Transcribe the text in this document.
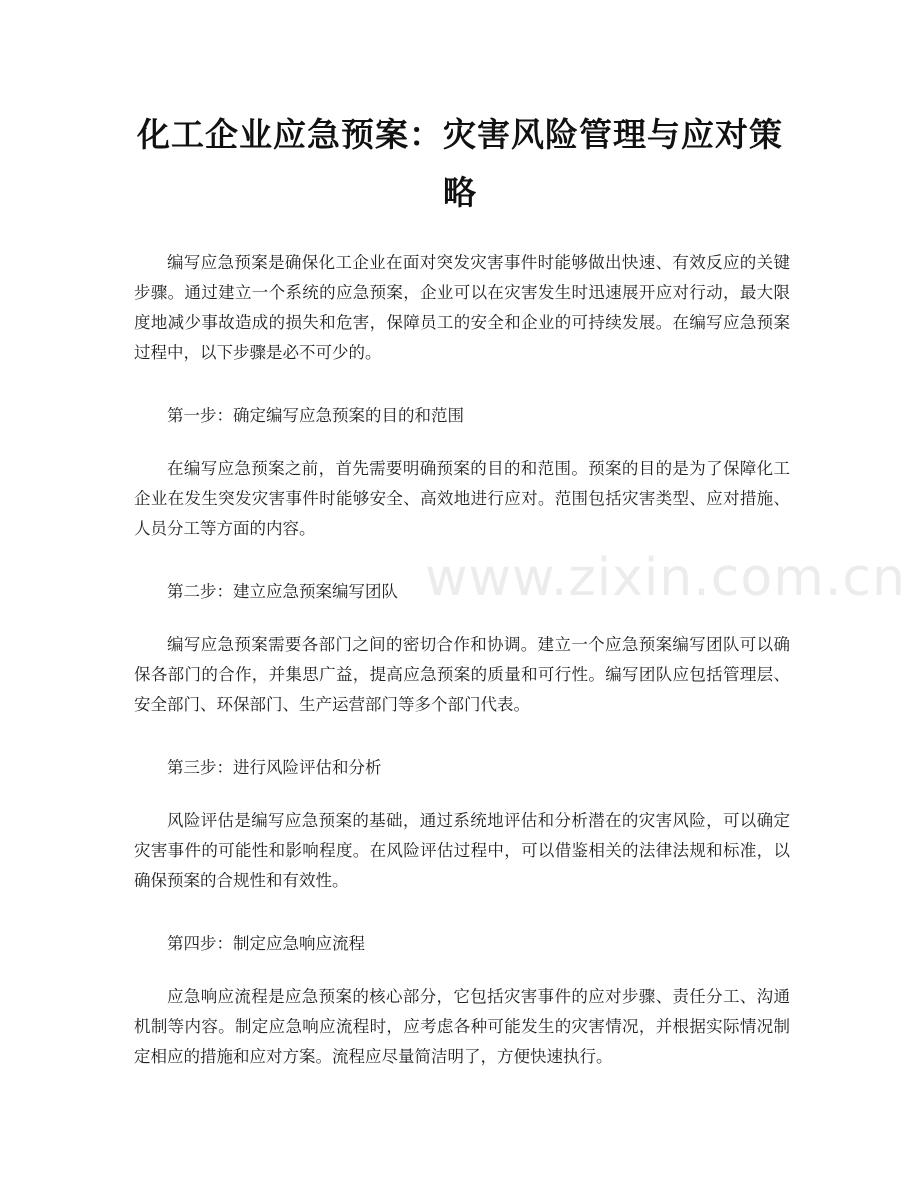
化工企业应急预案：灾害风险管理与应对策略

编写应急预案是确保化工企业在面对突发灾害事件时能够做出快速、有效反应的关键步骤。通过建立一个系统的应急预案，企业可以在灾害发生时迅速展开应对行动，最大限度地减少事故造成的损失和危害，保障员工的安全和企业的可持续发展。在编写应急预案过程中，以下步骤是必不可少的。

第一步：确定编写应急预案的目的和范围

在编写应急预案之前，首先需要明确预案的目的和范围。预案的目的是为了保障化工企业在发生突发灾害事件时能够安全、高效地进行应对。范围包括灾害类型、应对措施、人员分工等方面的内容。

第二步：建立应急预案编写团队

编写应急预案需要各部门之间的密切合作和协调。建立一个应急预案编写团队可以确保各部门的合作，并集思广益，提高应急预案的质量和可行性。编写团队应包括管理层、安全部门、环保部门、生产运营部门等多个部门代表。

第三步：进行风险评估和分析

风险评估是编写应急预案的基础，通过系统地评估和分析潜在的灾害风险，可以确定灾害事件的可能性和影响程度。在风险评估过程中，可以借鉴相关的法律法规和标准，以确保预案的合规性和有效性。

第四步：制定应急响应流程

应急响应流程是应急预案的核心部分，它包括灾害事件的应对步骤、责任分工、沟通机制等内容。制定应急响应流程时，应考虑各种可能发生的灾害情况，并根据实际情况制定相应的措施和应对方案。流程应尽量简洁明了，方便快速执行。

www.zixin.com.cn
